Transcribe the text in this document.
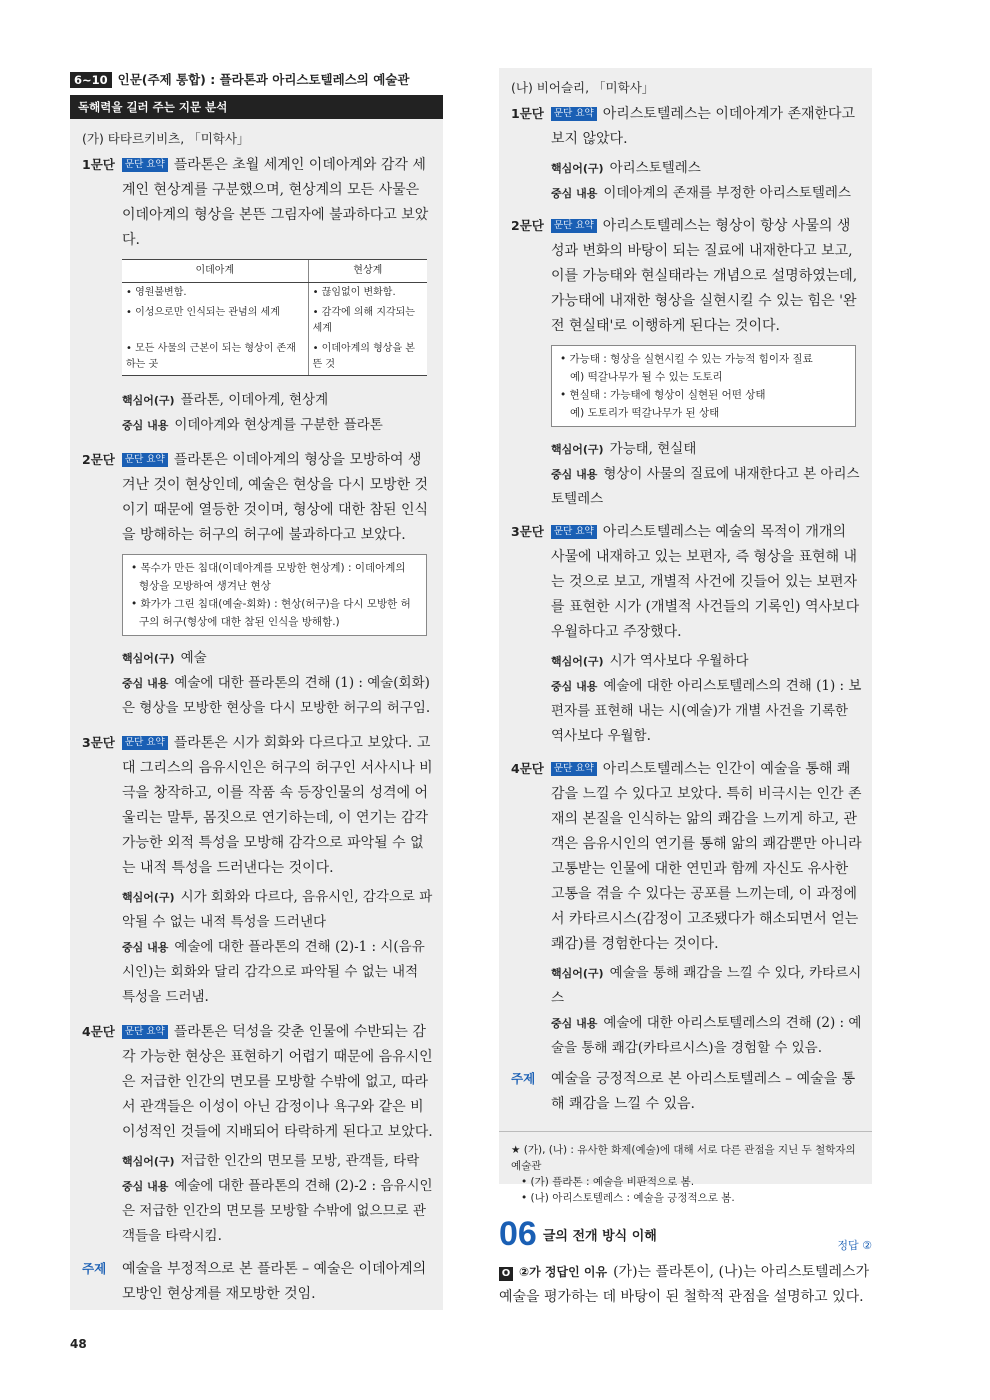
6~10 인문(주제 통합) : 플라톤과 아리스토텔레스의 예술관
독해력을 길러 주는 지문 분석
(가) 타타르키비츠, 「미학사」
1문단	문단 요약 플라톤은 초월 세계인 이데아계와 감각 세계인 현상계를 구분했으며, 현상계의 모든 사물은 이데아계의 형상을 본뜬 그림자에 불과하다고 보았다.
이데아계	현상계
• 영원불변함.	• 끊임없이 변화함.
• 이성으로만 인식되는 관념의 세계	• 감각에 의해 지각되는 세계
• 모든 사물의 근본이 되는 형상이 존재하는 곳	• 이데아계의 형상을 본뜬 것
핵심어(구) 플라톤, 이데아계, 현상계
중심 내용 이데아계와 현상계를 구분한 플라톤
2문단	문단 요약 플라톤은 이데아계의 형상을 모방하여 생겨난 것이 현상인데, 예술은 현상을 다시 모방한 것이기 때문에 열등한 것이며, 형상에 대한 참된 인식을 방해하는 허구의 허구에 불과하다고 보았다.
• 목수가 만든 침대(이데아계를 모방한 현상계) : 이데아계의 형상을 모방하여 생겨난 현상
• 화가가 그린 침대(예술-회화) : 현상(허구)을 다시 모방한 허구의 허구(형상에 대한 참된 인식을 방해함.)
핵심어(구) 예술
중심 내용 예술에 대한 플라톤의 견해 (1) : 예술(회화)은 형상을 모방한 현상을 다시 모방한 허구의 허구임.
3문단	문단 요약 플라톤은 시가 회화와 다르다고 보았다. 고대 그리스의 음유시인은 허구의 허구인 서사시나 비극을 창작하고, 이를 작품 속 등장인물의 성격에 어울리는 말투, 몸짓으로 연기하는데, 이 연기는 감각 가능한 외적 특성을 모방해 감각으로 파악될 수 없는 내적 특성을 드러낸다는 것이다.
핵심어(구) 시가 회화와 다르다, 음유시인, 감각으로 파악될 수 없는 내적 특성을 드러낸다
중심 내용 예술에 대한 플라톤의 견해 (2)-1 : 시(음유시인)는 회화와 달리 감각으로 파악될 수 없는 내적 특성을 드러냄.
4문단	문단 요약 플라톤은 덕성을 갖춘 인물에 수반되는 감각 가능한 현상은 표현하기 어렵기 때문에 음유시인은 저급한 인간의 면모를 모방할 수밖에 없고, 따라서 관객들은 이성이 아닌 감정이나 욕구와 같은 비이성적인 것들에 지배되어 타락하게 된다고 보았다.
핵심어(구) 저급한 인간의 면모를 모방, 관객들, 타락
중심 내용 예술에 대한 플라톤의 견해 (2)-2 : 음유시인은 저급한 인간의 면모를 모방할 수밖에 없으므로 관객들을 타락시킴.
주제 예술을 부정적으로 본 플라톤 – 예술은 이데아계의 모방인 현상계를 재모방한 것임.
(나) 비어슬리, 「미학사」
1문단	문단 요약 아리스토텔레스는 이데아계가 존재한다고 보지 않았다.
핵심어(구) 아리스토텔레스
중심 내용 이데아계의 존재를 부정한 아리스토텔레스
2문단	문단 요약 아리스토텔레스는 형상이 항상 사물의 생성과 변화의 바탕이 되는 질료에 내재한다고 보고, 이를 가능태와 현실태라는 개념으로 설명하였는데, 가능태에 내재한 형상을 실현시킬 수 있는 힘은 '완전 현실태'로 이행하게 된다는 것이다.
• 가능태 : 형상을 실현시킬 수 있는 가능적 힘이자 질료
예) 떡갈나무가 될 수 있는 도토리
• 현실태 : 가능태에 형상이 실현된 어떤 상태
예) 도토리가 떡갈나무가 된 상태
핵심어(구) 가능태, 현실태
중심 내용 형상이 사물의 질료에 내재한다고 본 아리스토텔레스
3문단	문단 요약 아리스토텔레스는 예술의 목적이 개개의 사물에 내재하고 있는 보편자, 즉 형상을 표현해 내는 것으로 보고, 개별적 사건에 깃들어 있는 보편자를 표현한 시가 (개별적 사건들의 기록인) 역사보다 우월하다고 주장했다.
핵심어(구) 시가 역사보다 우월하다
중심 내용 예술에 대한 아리스토텔레스의 견해 (1) : 보편자를 표현해 내는 시(예술)가 개별 사건을 기록한 역사보다 우월함.
4문단	문단 요약 아리스토텔레스는 인간이 예술을 통해 쾌감을 느낄 수 있다고 보았다. 특히 비극시는 인간 존재의 본질을 인식하는 앎의 쾌감을 느끼게 하고, 관객은 음유시인의 연기를 통해 앎의 쾌감뿐만 아니라 고통받는 인물에 대한 연민과 함께 자신도 유사한 고통을 겪을 수 있다는 공포를 느끼는데, 이 과정에서 카타르시스(감정이 고조됐다가 해소되면서 얻는 쾌감)를 경험한다는 것이다.
핵심어(구) 예술을 통해 쾌감을 느낄 수 있다, 카타르시스
중심 내용 예술에 대한 아리스토텔레스의 견해 (2) : 예술을 통해 쾌감(카타르시스)을 경험할 수 있음.
주제 예술을 긍정적으로 본 아리스토텔레스 – 예술을 통해 쾌감을 느낄 수 있음.
★ (가), (나) : 유사한 화제(예술)에 대해 서로 다른 관점을 지닌 두 철학자의 예술관
• (가) 플라톤 : 예술을 비판적으로 봄.
• (나) 아리스토텔레스 : 예술을 긍정적으로 봄.
06 글의 전개 방식 이해
정답 ②
O ②가 정답인 이유 (가)는 플라톤이, (나)는 아리스토텔레스가 예술을 평가하는 데 바탕이 된 철학적 관점을 설명하고 있다.
48
